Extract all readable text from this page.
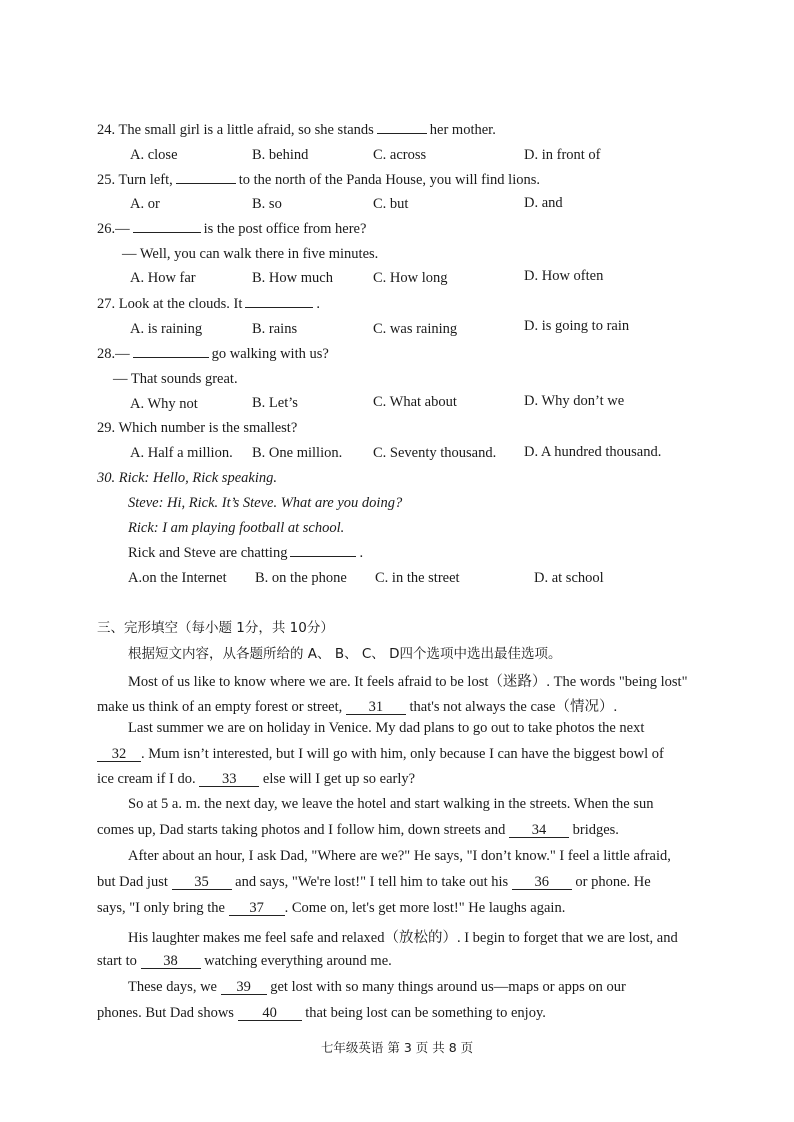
24. The small girl is a little afraid, so she stands	her mother.
A. close	B. behind	C. across	D. in front of
25. Turn left,	to the north of the Panda House, you will find lions.
A. or	B. so	C. but	D. and
26.—	is the post office from here?
— Well, you can walk there in five minutes.
A. How far	B. How much	C. How long	D. How often
27. Look at the clouds. It	.
A. is raining	B. rains	C. was raining	D. is going to rain
28.—	go walking with us?
— That sounds great.
A. Why not	B. Let’s	C. What about	D. Why don’t we
29. Which number is the smallest?
A. Half a million. B. One million. C. Seventy thousand. D. A hundred thousand.
30. Rick: Hello, Rick speaking.
Steve: Hi, Rick. It’s Steve. What are you doing?
Rick: I am playing football at school.
Rick and Steve are chatting	.
A.on the Internet B. on the phone C. in the street	D. at school
三、完形填空（每小题 1分，共 10分）
根据短文内容，从各题所给的 A、 B、 C、 D四个选项中选出最佳选项。
Most of us like to know where we are. It feels afraid to be lost（迷路）. The words "being lost"
make us think of an empty forest or street, 31 that's not always the case（情况）.
Last summer we are on holiday in Venice. My dad plans to go out to take photos the next
32 . Mum isn’t interested, but I will go with him, only because I can have the biggest bowl of
ice cream if I do. 33 else will I get up so early?
So at 5 a. m. the next day, we leave the hotel and start walking in the streets. When the sun
comes up, Dad starts taking photos and I follow him, down streets and 34 bridges.
After about an hour, I ask Dad, "Where are we?" He says, "I don’t know." I feel a little afraid,
but Dad just 35 and says, "We're lost!" I tell him to take out his 36 or phone. He
says, "I only bring the 37 . Come on, let's get more lost!" He laughs again.
His laughter makes me feel safe and relaxed（放松的）. I begin to forget that we are lost, and
start to 38 watching everything around me.
These days, we 39 get lost with so many things around us—maps or apps on our
phones. But Dad shows 40 that being lost can be something to enjoy.
七年级英语 第 3 页 共 8 页
